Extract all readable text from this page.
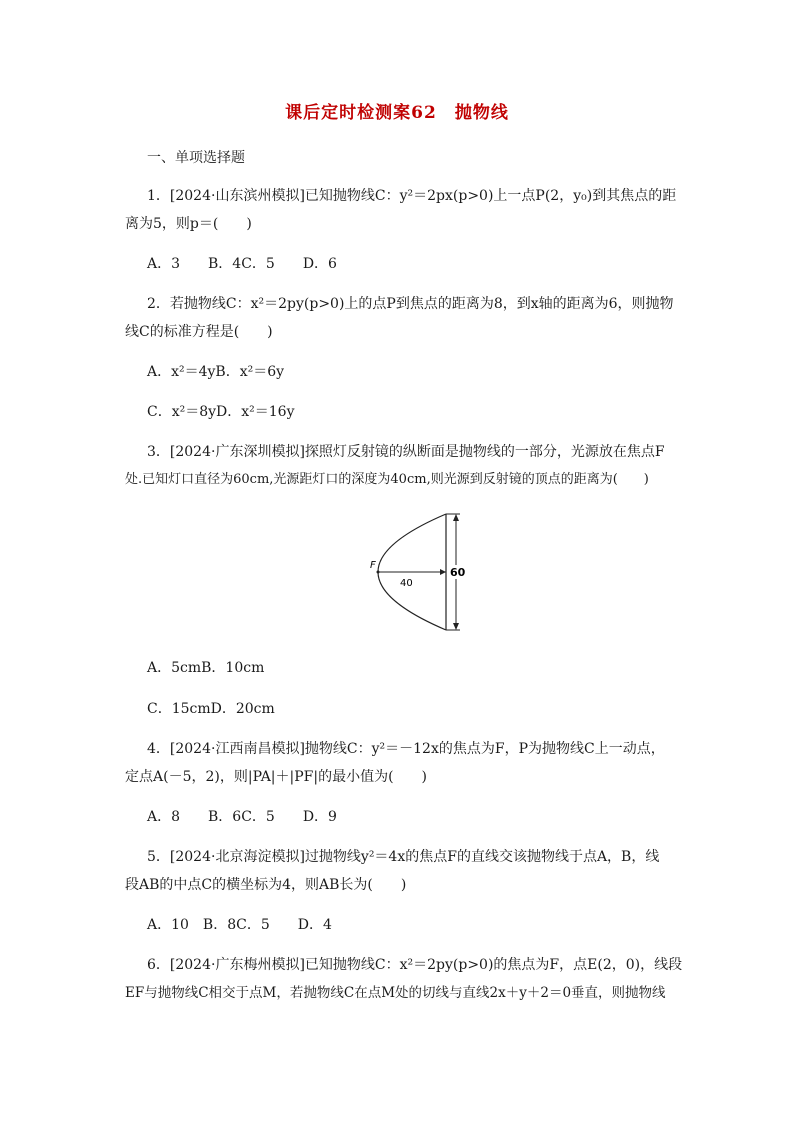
课后定时检测案62　抛物线
一、单项选择题
1．[2024·山东滨州模拟]已知抛物线C：y²＝2px(p>0)上一点P(2，y₀)到其焦点的距
离为5，则p＝(　　)
A．3　　B．4C．5　　D．6
2．若抛物线C：x²＝2py(p>0)上的点P到焦点的距离为8，到x轴的距离为6，则抛物
线C的标准方程是(　　)
A．x²＝4yB．x²＝6y
C．x²＝8yD．x²＝16y
3．[2024·广东深圳模拟]探照灯反射镜的纵断面是抛物线的一部分，光源放在焦点F
处.已知灯口直径为60cm,光源距灯口的深度为40cm,则光源到反射镜的顶点的距离为(　　)
60
40
F
A．5cmB．10cm
C．15cmD．20cm
4．[2024·江西南昌模拟]抛物线C：y²＝－12x的焦点为F，P为抛物线C上一动点，
定点A(－5，2)，则|PA|＋|PF|的最小值为(　　)
A．8　　B．6C．5　　D．9
5．[2024·北京海淀模拟]过抛物线y²＝4x的焦点F的直线交该抛物线于点A，B，线
段AB的中点C的横坐标为4，则AB长为(　　)
A．10　B．8C．5　　D．4
6．[2024·广东梅州模拟]已知抛物线C：x²＝2py(p>0)的焦点为F，点E(2，0)，线段
EF与抛物线C相交于点M，若抛物线C在点M处的切线与直线2x＋y＋2＝0垂直，则抛物线
